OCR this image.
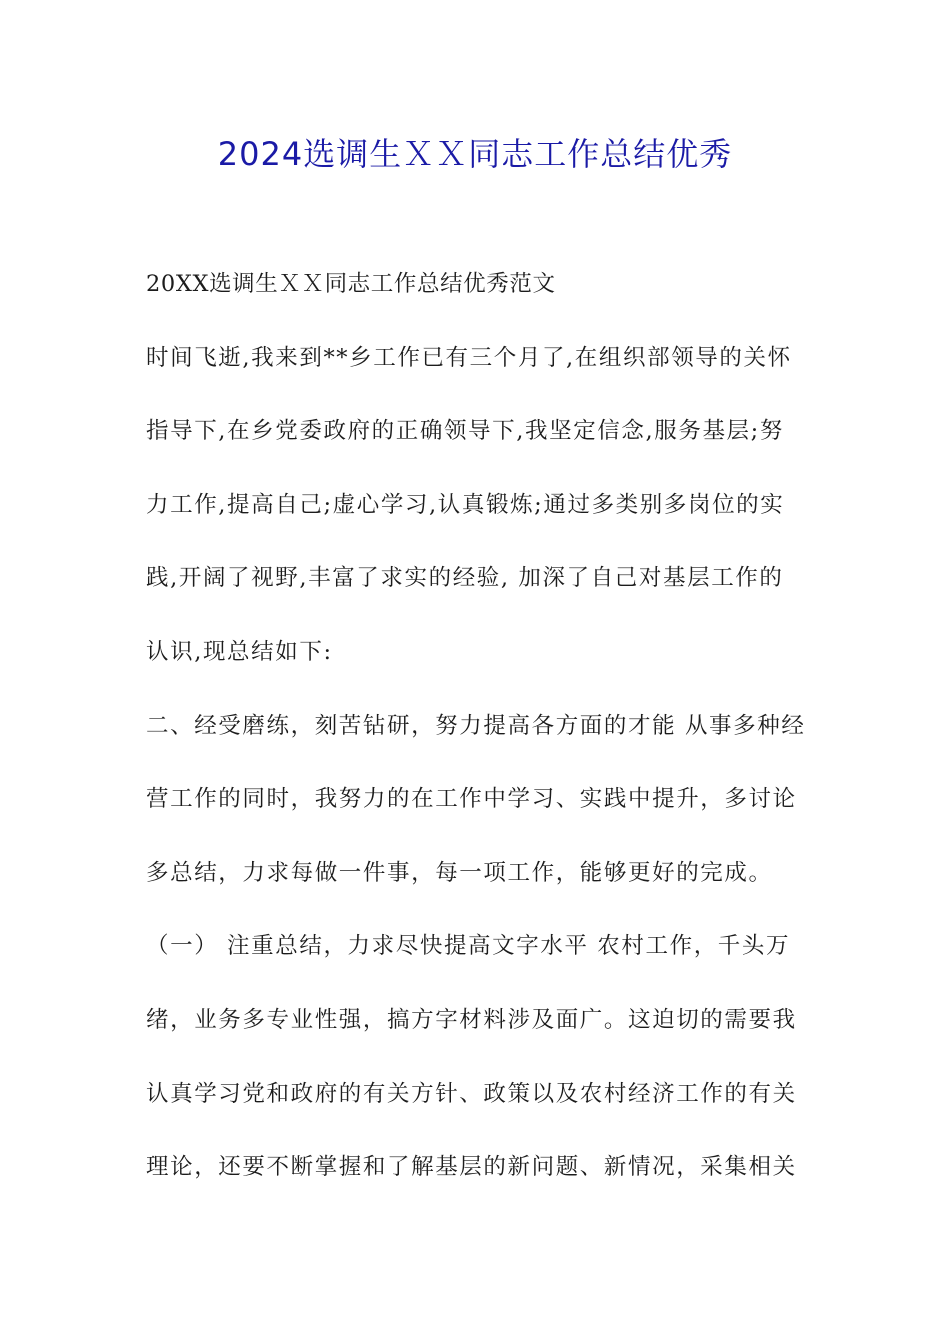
2024选调生ＸＸ同志工作总结优秀
20XX选调生ＸＸ同志工作总结优秀范文
时间飞逝,我来到**乡工作已有三个月了,在组织部领导的关怀
指导下,在乡党委政府的正确领导下,我坚定信念,服务基层;努
力工作,提高自己;虚心学习,认真锻炼;通过多类别多岗位的实
践,开阔了视野,丰富了求实的经验, 加深了自己对基层工作的
认识,现总结如下:
二、经受磨练，刻苦钻研，努力提高各方面的才能 从事多种经
营工作的同时，我努力的在工作中学习、实践中提升，多讨论
多总结，力求每做一件事，每一项工作，能够更好的完成。
（一） 注重总结，力求尽快提高文字水平 农村工作，千头万
绪，业务多专业性强，搞方字材料涉及面广。这迫切的需要我
认真学习党和政府的有关方针、政策以及农村经济工作的有关
理论，还要不断掌握和了解基层的新问题、新情况，采集相关
